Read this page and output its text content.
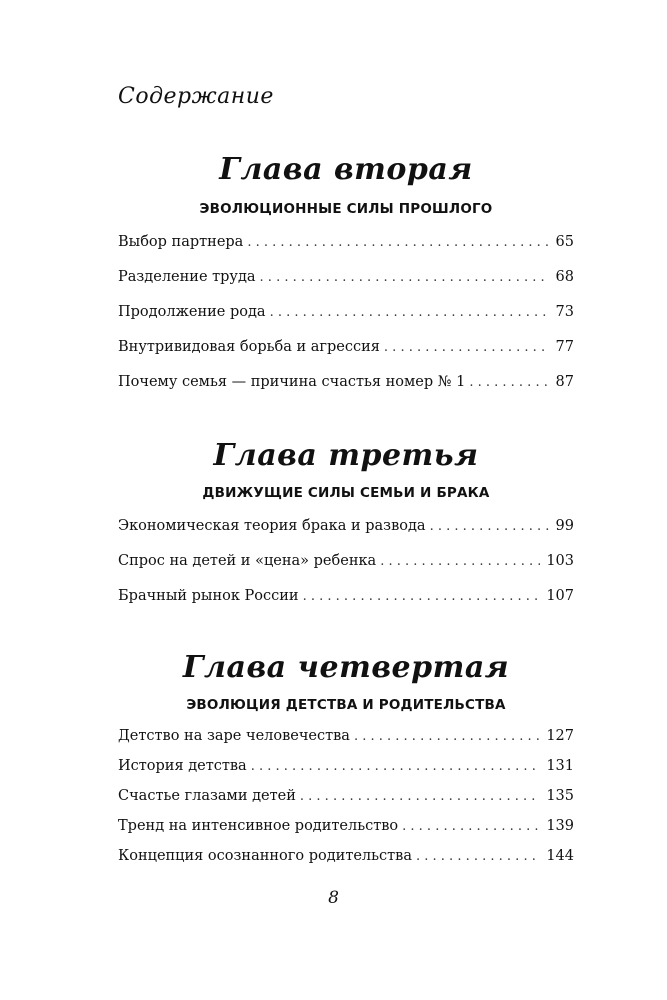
Содержание
Глава вторая
ЭВОЛЮЦИОННЫЕ СИЛЫ ПРОШЛОГО
Выбор партнера . . .	65
Разделение труда . . .	68
Продолжение рода . . .	73
Внутривидовая борьба и агрессия . . .	77
Почему семья — причина счастья номер № 1 . . .	87
Глава третья
ДВИЖУЩИЕ СИЛЫ СЕМЬИ И БРАКА
Экономическая теория брака и развода . . .	99
Спрос на детей и «цена» ребенка . . .	103
Брачный рынок России . . .	107
Глава четвертая
ЭВОЛЮЦИЯ ДЕТСТВА И РОДИТЕЛЬСТВА
Детство на заре человечества . . .	127
История детства . . .	131
Счастье глазами детей . . .	135
Тренд на интенсивное родительство . . .	139
Концепция осознанного родительства . . .	144
8
